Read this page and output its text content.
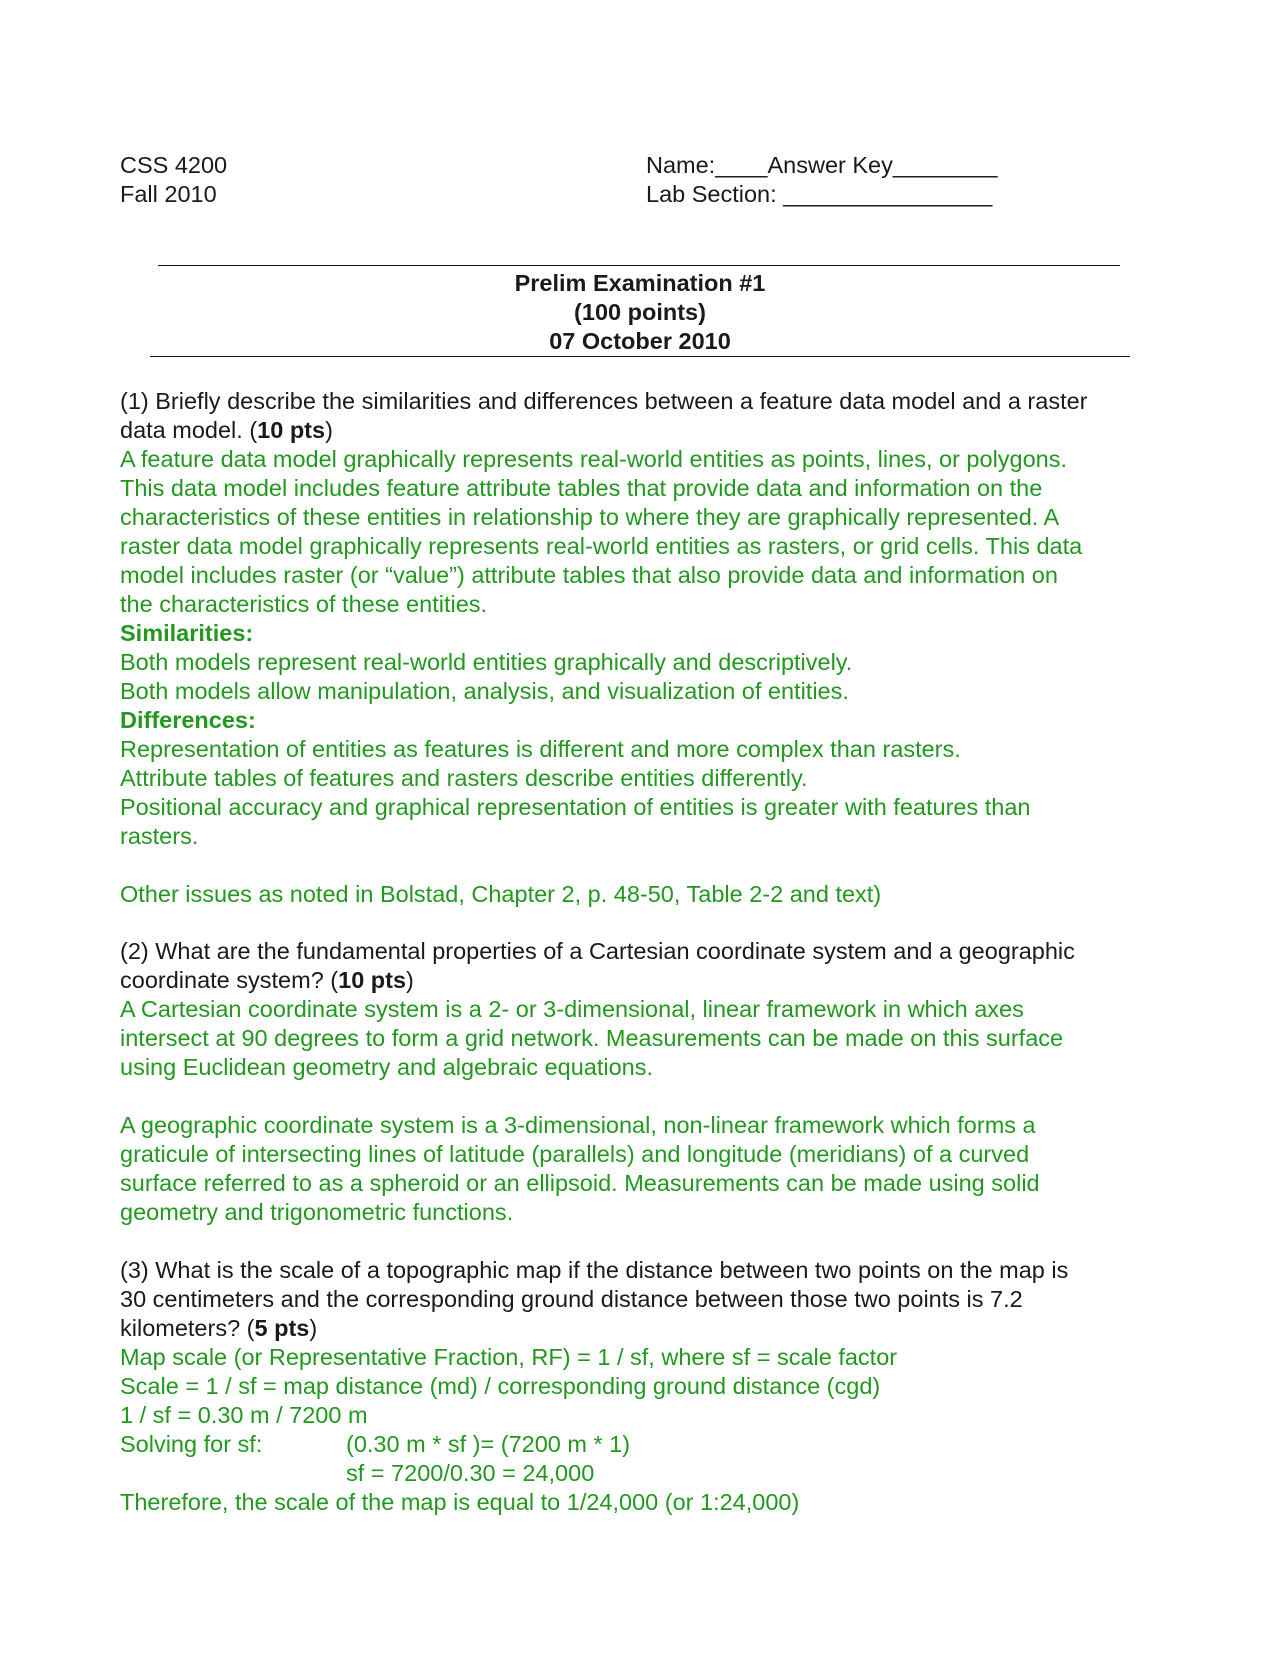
CSS 4200
Fall 2010
Name:____Answer Key________
Lab Section: ________________
Prelim Examination #1
(100 points)
07 October 2010
(1) Briefly describe the similarities and differences between a feature data model and a raster
data model. (10 pts)
A feature data model graphically represents real-world entities as points, lines, or polygons.
This data model includes feature attribute tables that provide data and information on the
characteristics of these entities in relationship to where they are graphically represented. A
raster data model graphically represents real-world entities as rasters, or grid cells. This data
model includes raster (or “value”) attribute tables that also provide data and information on
the characteristics of these entities.
Similarities:
Both models represent real-world entities graphically and descriptively.
Both models allow manipulation, analysis, and visualization of entities.
Differences:
Representation of entities as features is different and more complex than rasters.
Attribute tables of features and rasters describe entities differently.
Positional accuracy and graphical representation of entities is greater with features than
rasters.
Other issues as noted in Bolstad, Chapter 2, p. 48-50, Table 2-2 and text)
(2) What are the fundamental properties of a Cartesian coordinate system and a geographic
coordinate system? (10 pts)
A Cartesian coordinate system is a 2- or 3-dimensional, linear framework in which axes
intersect at 90 degrees to form a grid network. Measurements can be made on this surface
using Euclidean geometry and algebraic equations.
A geographic coordinate system is a 3-dimensional, non-linear framework which forms a
graticule of intersecting lines of latitude (parallels) and longitude (meridians) of a curved
surface referred to as a spheroid or an ellipsoid. Measurements can be made using solid
geometry and trigonometric functions.
(3) What is the scale of a topographic map if the distance between two points on the map is
30 centimeters and the corresponding ground distance between those two points is 7.2
kilometers? (5 pts)
Map scale (or Representative Fraction, RF) = 1 / sf, where sf = scale factor
Scale = 1 / sf = map distance (md) / corresponding ground distance (cgd)
1 / sf = 0.30 m / 7200 m
Solving for sf:	(0.30 m * sf )= (7200 m * 1)
sf = 7200/0.30 = 24,000
Therefore, the scale of the map is equal to 1/24,000 (or 1:24,000)
